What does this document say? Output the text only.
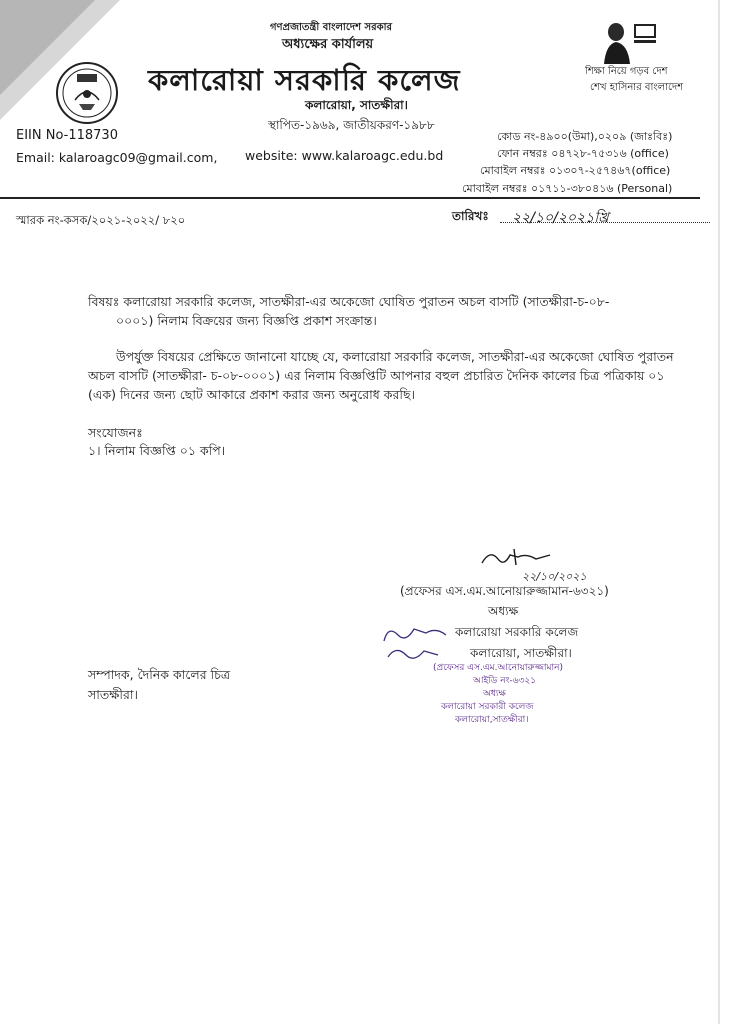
গণপ্রজাতন্ত্রী বাংলাদেশ সরকার
অধ্যক্ষের কার্যালয়
কলারোয়া সরকারি কলেজ
কলারোয়া, সাতক্ষীরা।
স্থাপিত-১৯৬৯, জাতীয়করণ-১৯৮৮
শিক্ষা নিয়ে গড়ব দেশ
শেখ হাসিনার বাংলাদেশ
EIIN No-118730
Email: kalaroagc09@gmail.com, website: www.kalaroagc.edu.bd
কোড নং-৪৯০০(উমা),০২০৯ (জাঃবিঃ)
ফোন নম্বরঃ ০৪৭২৮-৭৫৩১৬ (office)
মোবাইল নম্বরঃ ০১৩০৭-২৫৭৪৬৭(office)
মোবাইল নম্বরঃ ০১৭১১-৩৮০৪১৬ (Personal)
স্মারক নং-কসক/২০২১-২০২২/ ৮২০	তারিখঃ ২২/১০/২০২১খ্রি
বিষয়ঃ কলারোয়া সরকারি কলেজ, সাতক্ষীরা-এর অকেজো ঘোষিত পুরাতন অচল বাসটি (সাতক্ষীরা-চ-০৮-
০০০১) নিলাম বিক্রয়ের জন্য বিজ্ঞপ্তি প্রকাশ সংক্রান্ত।
উপর্যুক্ত বিষয়ের প্রেক্ষিতে জানানো যাচ্ছে যে, কলারোয়া সরকারি কলেজ, সাতক্ষীরা-এর অকেজো ঘোষিত পুরাতন অচল বাসটি (সাতক্ষীরা- চ-০৮-০০০১) এর নিলাম বিজ্ঞপ্তিটি আপনার বহুল প্রচারিত দৈনিক কালের চিত্র পত্রিকায় ০১ (এক) দিনের জন্য ছোট আকারে প্রকাশ করার জন্য অনুরোধ করছি।
সংযোজনঃ
১। নিলাম বিজ্ঞপ্তি ০১ কপি।
২২/১০/২০২১
(প্রফেসর এস.এম.আনোয়ারুজ্জামান-৬৩২১)
অধ্যক্ষ
কলারোয়া সরকারি কলেজ
কলারোয়া, সাতক্ষীরা।
(প্রফেসর এস.এম.আনোয়ারুজ্জামান)
আইডি নং-৬৩২১
অধ্যক্ষ
কলারোয়া সরকারী কলেজ
কলারোয়া,সাতক্ষীরা।
সম্পাদক, দৈনিক কালের চিত্র
সাতক্ষীরা।
